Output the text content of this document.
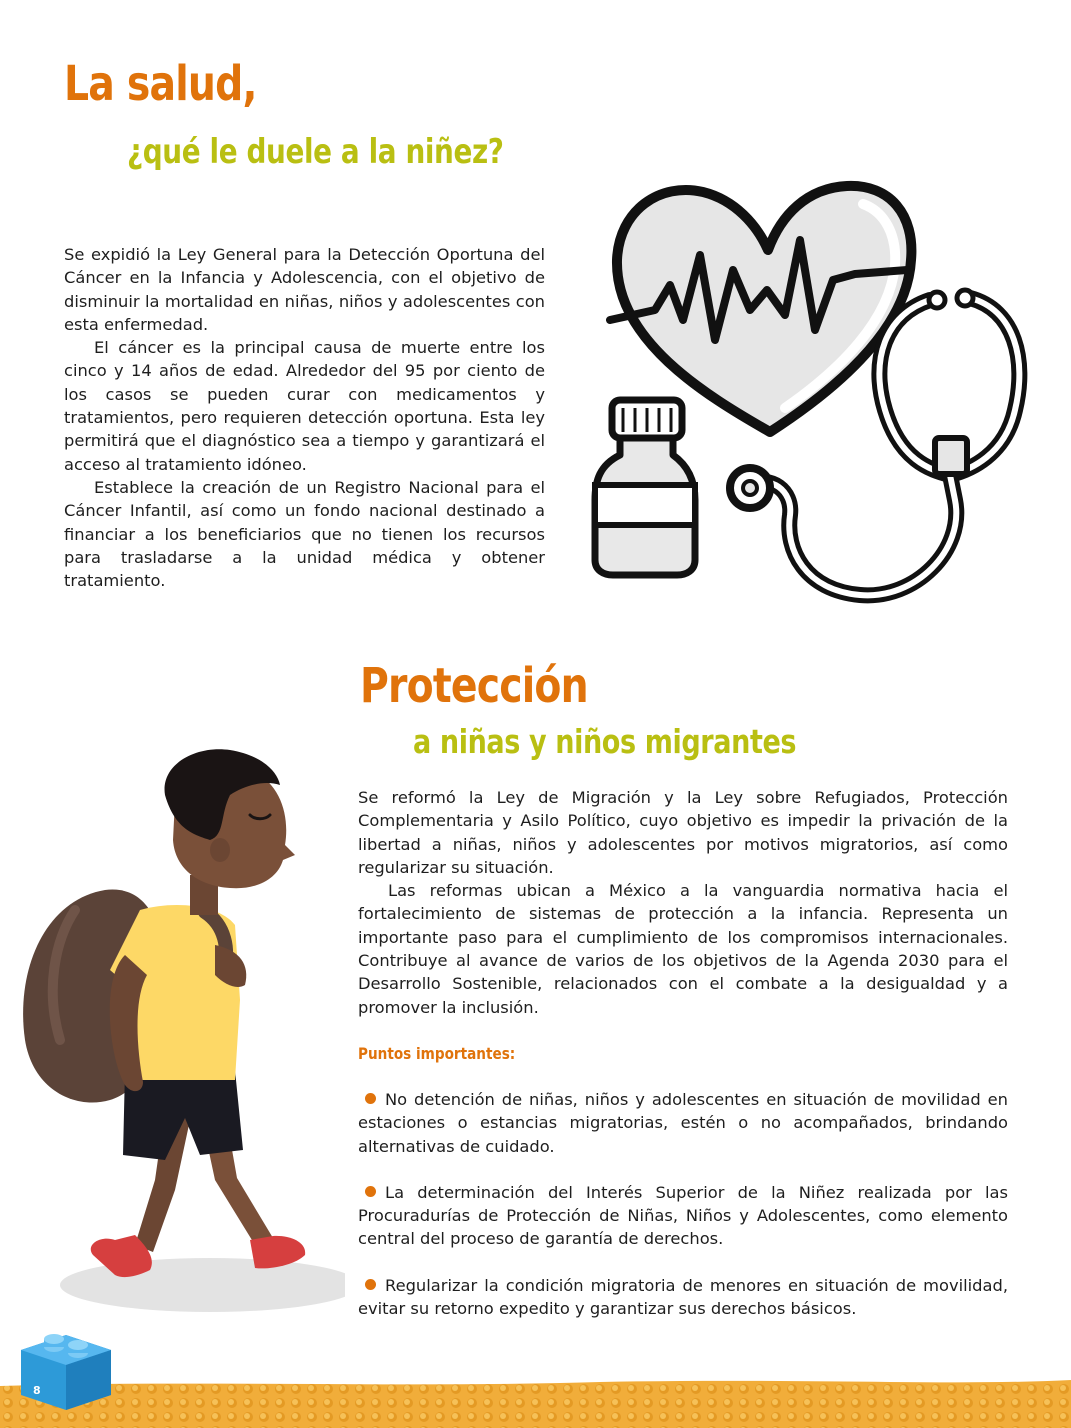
La salud,
¿qué le duele a la niñez?

Se expidió la Ley General para la Detección Oportuna del Cáncer en la Infancia y Adolescencia, con el objetivo de disminuir la mortalidad en niñas, niños y adolescentes con esta enfermedad.

El cáncer es la principal causa de muerte entre los cinco y 14 años de edad. Alrededor del 95 por ciento de los casos se pueden curar con medicamentos y tratamientos, pero requieren detección oportuna. Esta ley permitirá que el diagnóstico sea a tiempo y garantizará el acceso al tratamiento idóneo.

Establece la creación de un Registro Nacional para el Cáncer Infantil, así como un fondo nacional destinado a financiar a los beneficiarios que no tienen los recursos para trasladarse a la unidad médica y obtener tratamiento.

Protección
a niñas y niños migrantes

Se reformó la Ley de Migración y la Ley sobre Refugiados, Protección Complementaria y Asilo Político, cuyo objetivo es impedir la privación de la libertad a niñas, niños y adolescentes por motivos migratorios, así como regularizar su situación.

Las reformas ubican a México a la vanguardia normativa hacia el fortalecimiento de sistemas de protección a la infancia. Representa un importante paso para el cumplimiento de los compromisos internacionales. Contribuye al avance de varios de los objetivos de la Agenda 2030 para el Desarrollo Sostenible, relacionados con el combate a la desigualdad y a promover la inclusión.

Puntos importantes:

No detención de niñas, niños y adolescentes en situación de movilidad en estaciones o estancias migratorias, estén o no acompañados, brindando alternativas de cuidado.

La determinación del Interés Superior de la Niñez realizada por las Procuradurías de Protección de Niñas, Niños y Adolescentes, como elemento central del proceso de garantía de derechos.

Regularizar la condición migratoria de menores en situación de movilidad, evitar su retorno expedito y garantizar sus derechos básicos.

8
